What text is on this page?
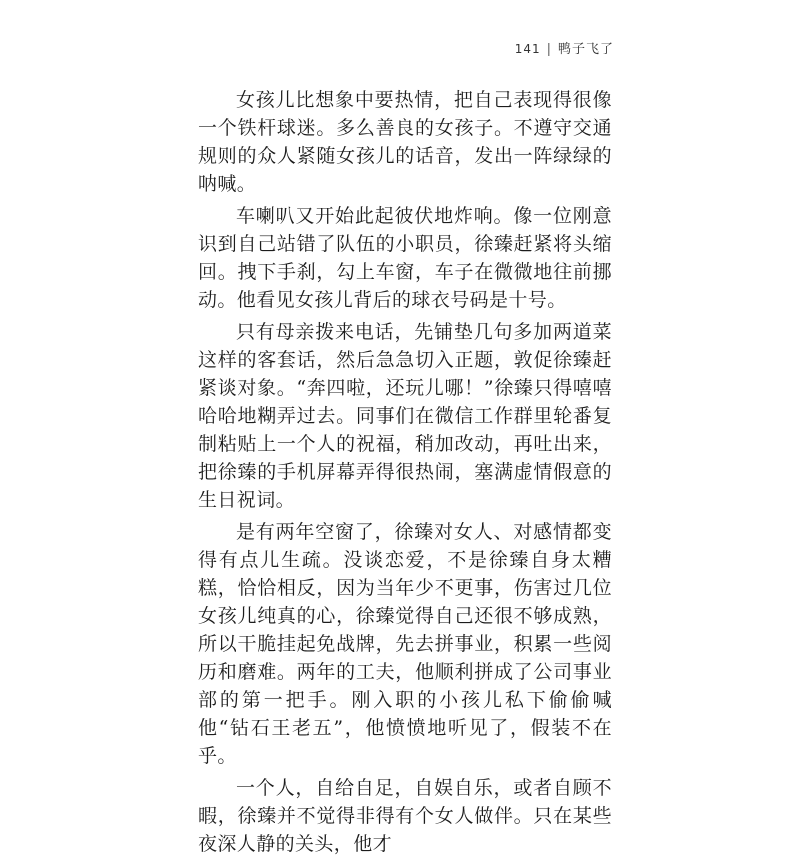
141 | 鸭子飞了

女孩儿比想象中要热情，把自己表现得很像一个铁杆球迷。多么善良的女孩子。不遵守交通规则的众人紧随女孩儿的话音，发出一阵绿绿的呐喊。

车喇叭又开始此起彼伏地炸响。像一位刚意识到自己站错了队伍的小职员，徐臻赶紧将头缩回。拽下手刹，勾上车窗，车子在微微地往前挪动。他看见女孩儿背后的球衣号码是十号。

只有母亲拨来电话，先铺垫几句多加两道菜这样的客套话，然后急急切入正题，敦促徐臻赶紧谈对象。“奔四啦，还玩儿哪！”徐臻只得嘻嘻哈哈地糊弄过去。同事们在微信工作群里轮番复制粘贴上一个人的祝福，稍加改动，再吐出来，把徐臻的手机屏幕弄得很热闹，塞满虚情假意的生日祝词。

是有两年空窗了，徐臻对女人、对感情都变得有点儿生疏。没谈恋爱，不是徐臻自身太糟糕，恰恰相反，因为当年少不更事，伤害过几位女孩儿纯真的心，徐臻觉得自己还很不够成熟，所以干脆挂起免战牌，先去拼事业，积累一些阅历和磨难。两年的工夫，他顺利拼成了公司事业部的第一把手。刚入职的小孩儿私下偷偷喊他“钻石王老五”，他愤愤地听见了，假装不在乎。

一个人，自给自足，自娱自乐，或者自顾不暇，徐臻并不觉得非得有个女人做伴。只在某些夜深人静的关头，他才
